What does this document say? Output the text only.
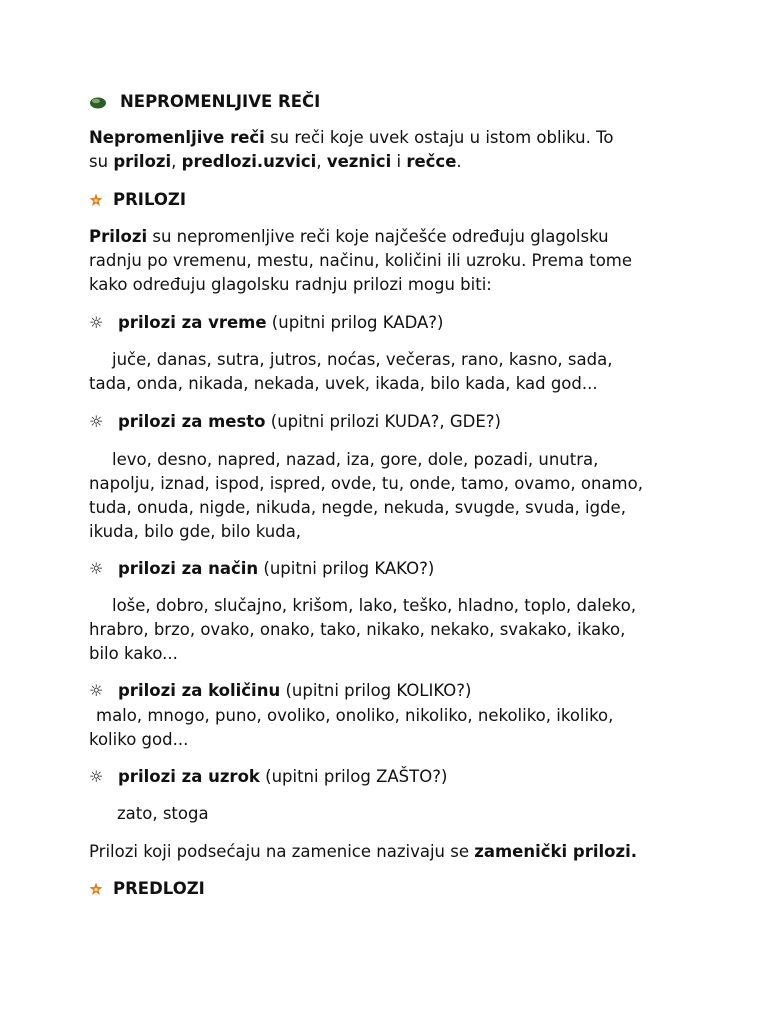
NEPROMENLJIVE REČI
Nepromenljive reči su reči koje uvek ostaju u istom obliku. To
su prilozi, predlozi.uzvici, veznici i rečce.
PRILOZI
Prilozi su nepromenljive reči koje najčešće određuju glagolsku
radnju po vremenu, mestu, načinu, količini ili uzroku. Prema tome
kako određuju glagolsku radnju prilozi mogu biti:
☼ prilozi za vreme (upitni prilog KADA?)
juče, danas, sutra, jutros, noćas, večeras, rano, kasno, sada,
tada, onda, nikada, nekada, uvek, ikada, bilo kada, kad god...
☼ prilozi za mesto (upitni prilozi KUDA?, GDE?)
levo, desno, napred, nazad, iza, gore, dole, pozadi, unutra,
napolju, iznad, ispod, ispred, ovde, tu, onde, tamo, ovamo, onamo,
tuda, onuda, nigde, nikuda, negde, nekuda, svugde, svuda, igde,
ikuda, bilo gde, bilo kuda,
☼ prilozi za način (upitni prilog KAKO?)
loše, dobro, slučajno, krišom, lako, teško, hladno, toplo, daleko,
hrabro, brzo, ovako, onako, tako, nikako, nekako, svakako, ikako,
bilo kako...
☼ prilozi za količinu (upitni prilog KOLIKO?)
malo, mnogo, puno, ovoliko, onoliko, nikoliko, nekoliko, ikoliko,
koliko god...
☼ prilozi za uzrok (upitni prilog ZAŠTO?)
zato, stoga
Prilozi koji podsećaju na zamenice nazivaju se zamenički prilozi.
PREDLOZI
